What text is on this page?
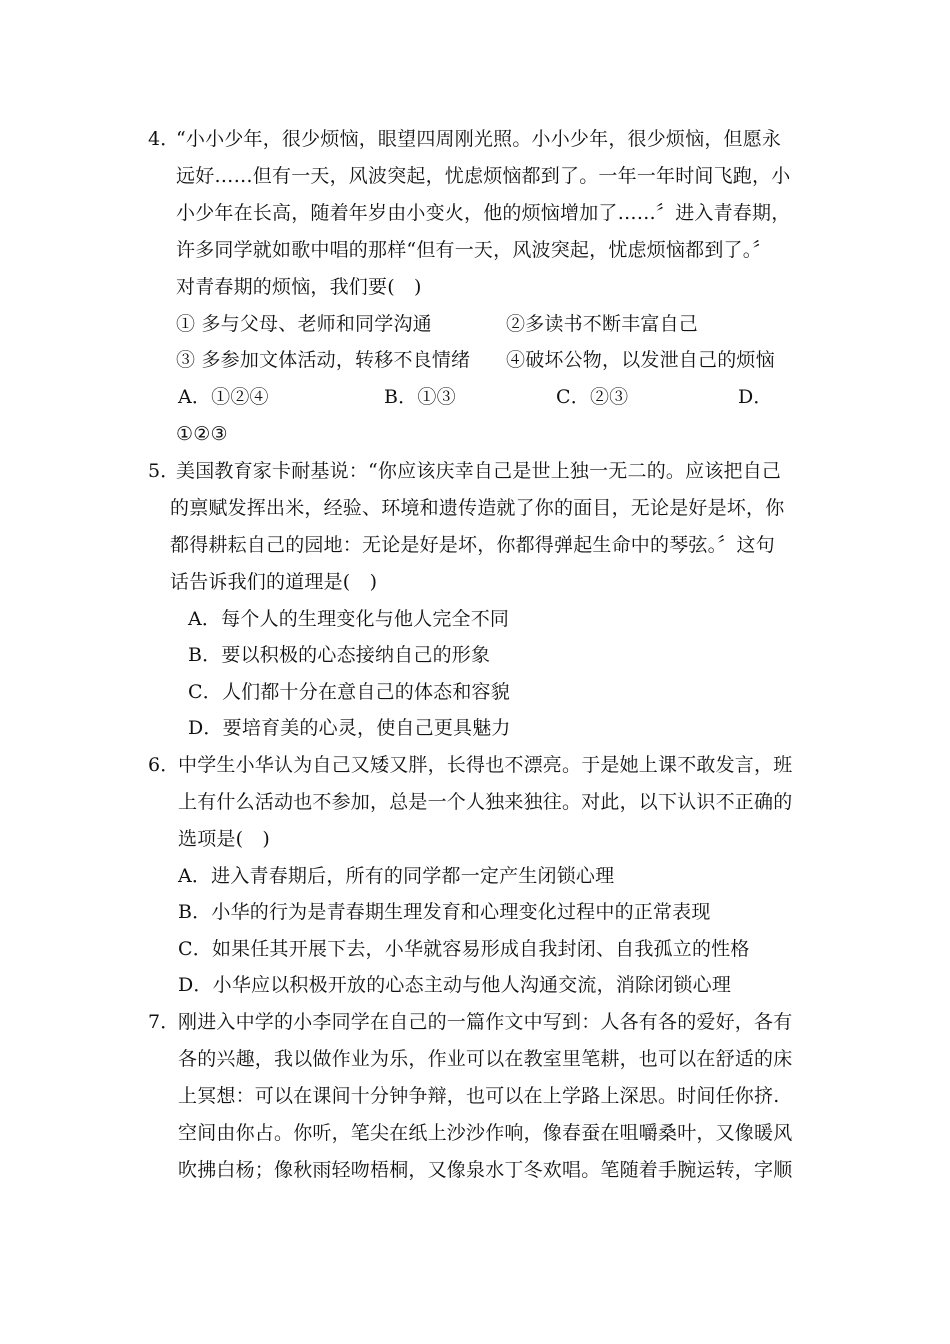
4．
“小小少年，很少烦恼，眼望四周刚光照。小小少年，很少烦恼，但愿永
远好……但有一天，风波突起，忧虑烦恼都到了。一年一年时间飞跑，小
小少年在长高，随着年岁由小变火，他的烦恼增加了……〞进入青春期，
许多同学就如歌中唱的那样“但有一天，风波突起，忧虑烦恼都到了。〞
对青春期的烦恼，我们要(　)
① 多与父母、老师和同学沟通	②多读书不断丰富自己
③ 多参加文体活动，转移不良情绪 ④破坏公物，以发泄自己的烦恼
A．①②④	B．①③	C．②③	D．
①②③
5．
美国教育家卡耐基说：“你应该庆幸自己是世上独一无二的。应该把自己
的禀赋发挥出米，经验、环境和遗传造就了你的面目，无论是好是坏，你
都得耕耘自己的园地：无论是好是坏，你都得弹起生命中的琴弦。〞这句
话告诉我们的道理是(　)
A．每个人的生理变化与他人完全不同
B．要以积极的心态接纳自己的形象
C．人们都十分在意自己的体态和容貌
D．要培育美的心灵，使自己更具魅力
6．
中学生小华认为自己又矮又胖，长得也不漂亮。于是她上课不敢发言，班
上有什么活动也不参加，总是一个人独来独往。对此，以下认识不正确的
选项是(　)
A．进入青春期后，所有的同学都一定产生闭锁心理
B．小华的行为是青春期生理发育和心理变化过程中的正常表现
C．如果任其开展下去，小华就容易形成自我封闭、自我孤立的性格
D．小华应以积极开放的心态主动与他人沟通交流，消除闭锁心理
7．
刚进入中学的小李同学在自己的一篇作文中写到：人各有各的爱好，各有
各的兴趣，我以做作业为乐，作业可以在教室里笔耕，也可以在舒适的床
上冥想：可以在课间十分钟争辩，也可以在上学路上深思。时间任你挤.
空间由你占。你听，笔尖在纸上沙沙作响，像春蚕在咀嚼桑叶，又像暖风
吹拂白杨；像秋雨轻吻梧桐，又像泉水丁冬欢唱。笔随着手腕运转，字顺
